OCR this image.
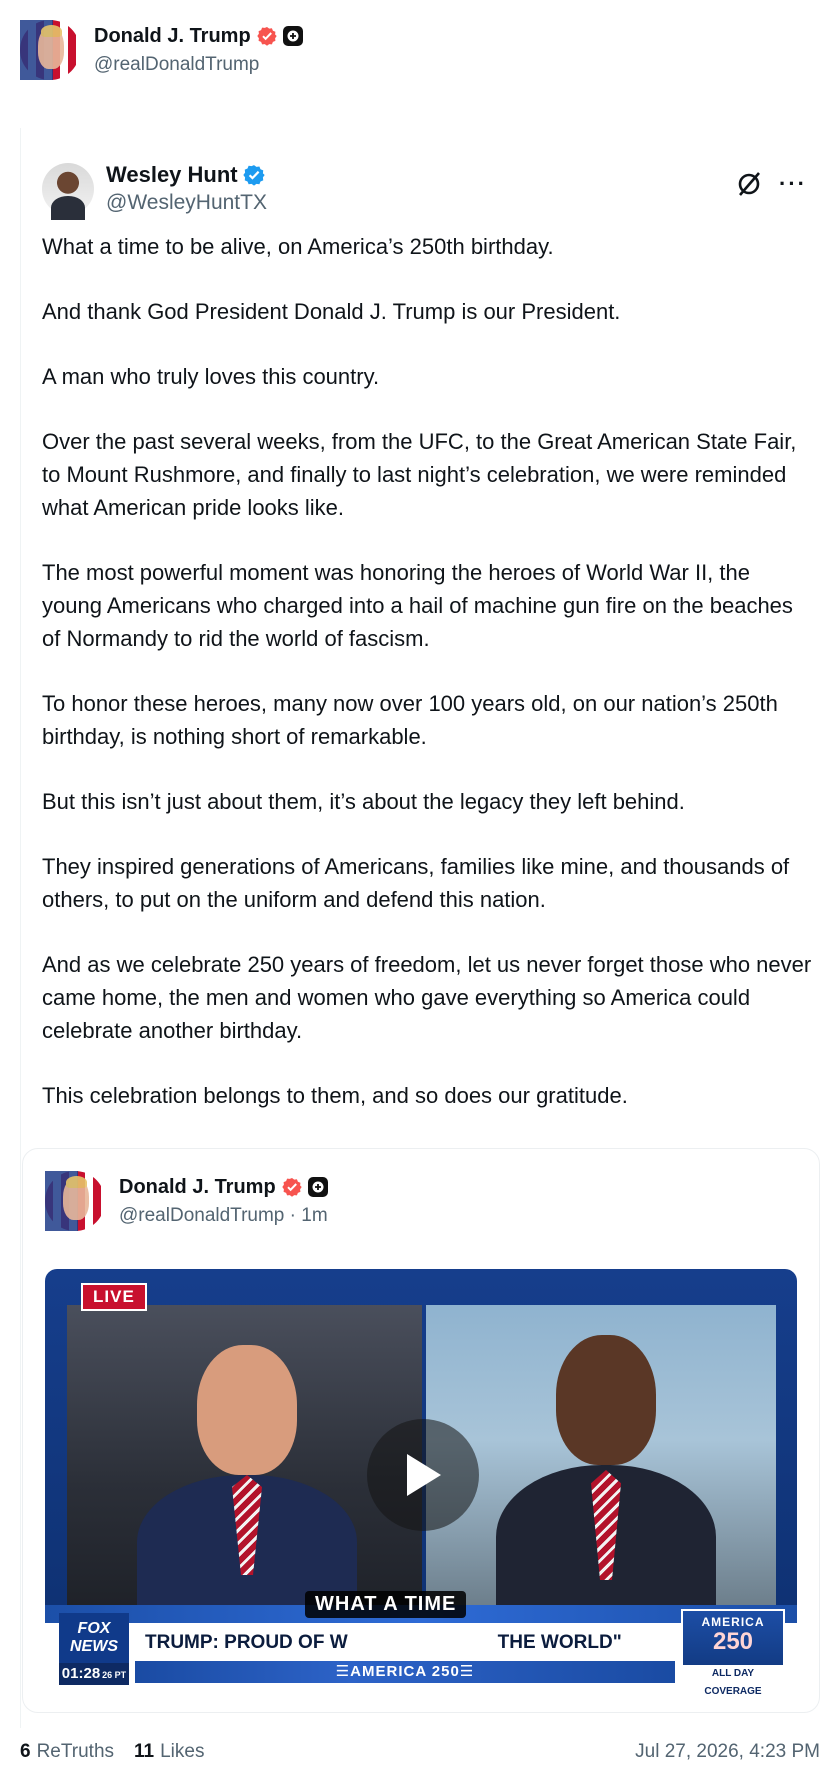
Donald J. Trump
@realDonaldTrump
Wesley Hunt
@WesleyHuntTX
···

What a time to be alive, on America’s 250th birthday.

And thank God President Donald J. Trump is our President.

A man who truly loves this country.

Over the past several weeks, from the UFC, to the Great American State Fair, to Mount Rushmore, and finally to last night’s celebration, we were reminded what American pride looks like.

The most powerful moment was honoring the heroes of World War II, the young Americans who charged into a hail of machine gun fire on the beaches of Normandy to rid the world of fascism.

To honor these heroes, many now over 100 years old, on our nation’s 250th birthday, is nothing short of remarkable.

But this isn’t just about them, it’s about the legacy they left behind.

They inspired generations of Americans, families like mine, and thousands of others, to put on the uniform and defend this nation.

And as we celebrate 250 years of freedom, let us never forget those who never came home, the men and women who gave everything so America could celebrate another birthday.

This celebration belongs to them, and so does our gratitude.

Donald J. Trump
@realDonaldTrump · 1m
LIVE
FOX
NEWS	TRUMP: PROUD OF W	THE WORLD"
☰AMERICA 250☰
01:28 26 PT
AMERICA
250
ALL DAY COVERAGE
WHAT A TIME
6 ReTruths 11 Likes	Jul 27, 2026, 4:23 PM
